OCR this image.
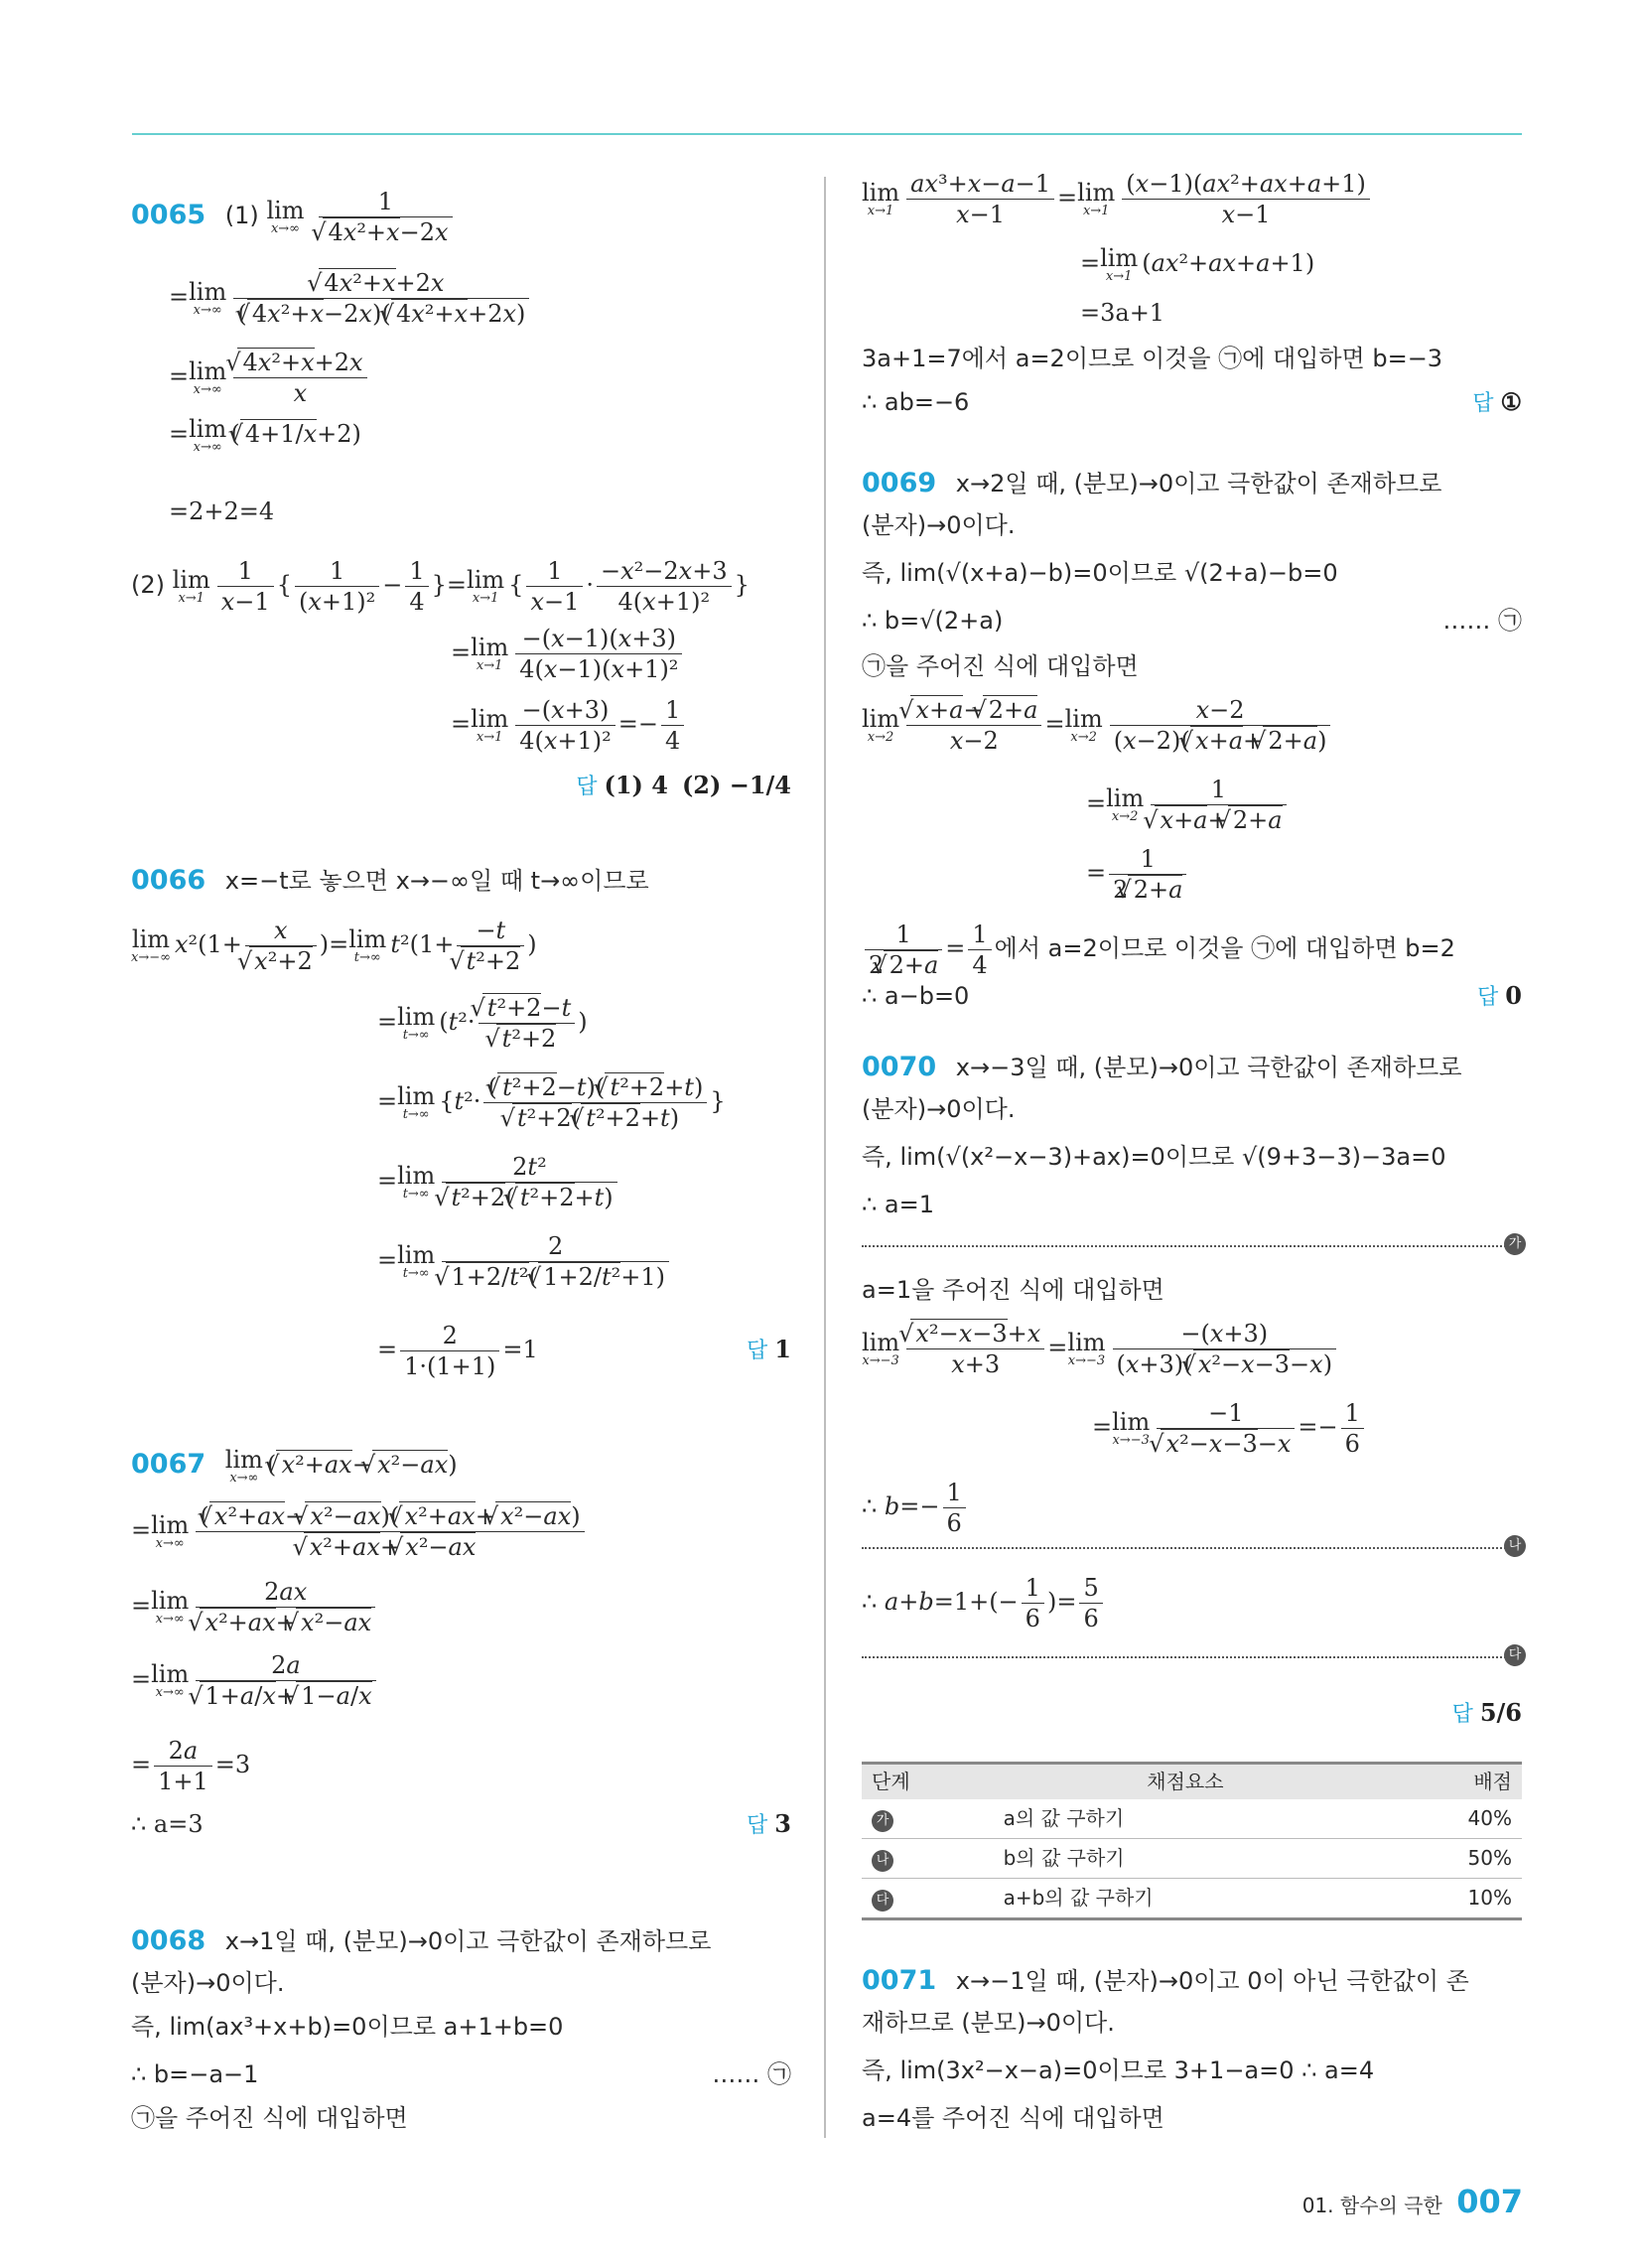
0065 (1) lim
x→∞
1
√ 4x²+x−2x
=lim
x→∞ √ $\frac{\text{4x²+x+2x}}{\text{( √ 4x²+x−2x)( √ 4x²+x+2x)}}$
=lim
x→∞ √ $\frac{\text{4x²+x+2x}}{x}$
=lim
x→∞ ( √ 4+1/x+2)
=2+2=4
(2) lim
$x\to 1 \frac{1}{x-1}$ { $\frac{1}{\text{(x+1)²}} - \frac{1}{4} \}=\lim$
x→1 { $\frac{1}{x-1} \cdot \frac{\text{−x²−2x+3}}{\text{4(x+1)²}}$ }
=lim
$x\to 1 \frac{-(x-1)(x+3)}{\text{4(x−1)(x+1)²}}$
=lim
$x\to 1 \frac{-(x+3)}{\text{4(x+1)²}} =- \frac{1}{4}$
답 (1) 4 (2) −1/4
0066 x=−t로 놓으면 x→−∞일 때 t→∞이므로
lim
x→−∞ x²(1+ x
√ x²+2 )=lim
t→∞ t²(1+ −t
√ t²+2 )
=lim
t→∞ (t²· √ t²+2−t
√ t²+2 )
=lim
t→∞ {t²· ( √ t²+2−t)( √ t²+2+t)
√ t²+2( √ t²+2+t) }
=lim
t→∞ 2t²
√ t²+2( √ t²+2+t)
=lim
t→∞ 2
√ 1+2/t²( √ 1+2/t²+1)
= $\frac{2}{1\cdot(1+1)} =1$	답 1
0067 lim
x→∞ ( √ x²+ax− √ x²−ax)
=lim
x→∞ ( √ x²+ax− √ x²−ax)( √ x²+ax+ √ x²−ax)
√ x²+ax+ √ x²−ax
=lim
x→∞ 2ax
√ x²+ax+ √ x²−ax
=lim
x→∞ 2a
√ 1+a/x+ √ 1−a/x
= $\frac{2a}{1+1} =3$
∴ a=3	답 3
0068 x→1일 때, (분모)→0이고 극한값이 존재하므로
(분자)→0이다.
즉, lim(ax³+x+b)=0이므로 a+1+b=0
∴ b=−a−1	…… ㉠
㉠을 주어진 식에 대입하면
lim
$x\to 1 \frac{\text{ax³+x−a−1}}{x-1} =\lim$
$x\to 1 \frac{\text{(x−1)(ax²+ax+a+1)}}{x-1}$
=lim
x→1 (ax²+ax+a+1)
=3a+1
3a+1=7에서 a=2이므로 이것을 ㉠에 대입하면 b=−3
∴ ab=−6	답 ①
0069 x→2일 때, (분모)→0이고 극한값이 존재하므로
(분자)→0이다.
즉, lim(√(x+a)−b)=0이므로 √(2+a)−b=0
∴ b=√(2+a)	…… ㉠
㉠을 주어진 식에 대입하면
lim
x→2 √ $\frac{x+a- √ 2+a}{x-2} =\lim$
$x\to 2 \frac{x-2}{(x-2)( √ x+a+ √ 2+a)}$
=lim
x→2 1
√ x+a+ √ 2+a
= $\frac{1}{2 √ 2+a}$
$\frac{1}{2 √ 2+a} = \frac{1}{4}$ 에서 a=2이므로 이것을 ㉠에 대입하면 b=2
∴ a−b=0	답 0
0070 x→−3일 때, (분모)→0이고 극한값이 존재하므로
(분자)→0이다.
즉, lim(√(x²−x−3)+ax)=0이므로 √(9+3−3)−3a=0
∴ a=1
가
a=1을 주어진 식에 대입하면
lim
x→−3 √ $\frac{\text{x²−x−3+x}}{x+3} =\lim$
$x\to-3 \frac{-(x+3)}{\text{(x+3)( √ x²−x−3−x)}}$
=lim
x→−3 −1
√ $x^2-x-3-x =- \frac{1}{6}$
∴ $b=- \frac{1}{6}$
나
∴ $a+b=1+(- \frac{1}{6}$ )= $\frac{5}{6}$
다
답 5/6
단계	채점요소	배점
가	a의 값 구하기	40%
나	b의 값 구하기	50%
다	a+b의 값 구하기	10%
0071 x→−1일 때, (분자)→0이고 0이 아닌 극한값이 존
재하므로 (분모)→0이다.
즉, lim(3x²−x−a)=0이므로 3+1−a=0 ∴ a=4
a=4를 주어진 식에 대입하면
01. 함수의 극한 007
